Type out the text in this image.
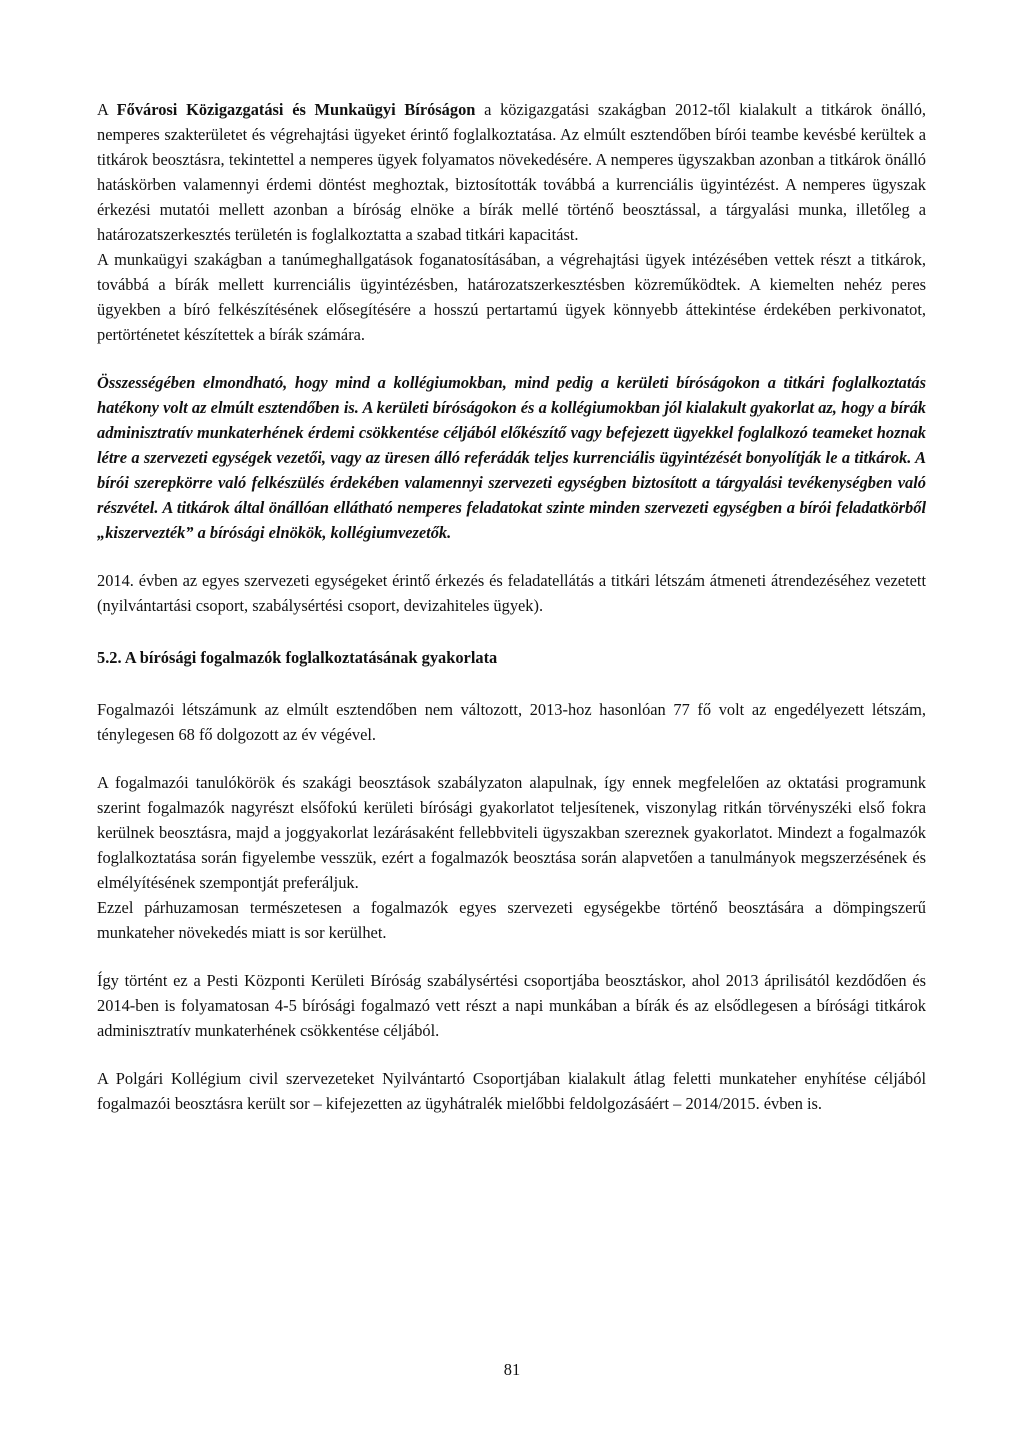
A Fővárosi Közigazgatási és Munkaügyi Bíróságon a közigazgatási szakágban 2012-től kialakult a titkárok önálló, nemperes szakterületet és végrehajtási ügyeket érintő foglalkoztatása. Az elmúlt esztendőben bírói teambe kevésbé kerültek a titkárok beosztásra, tekintettel a nemperes ügyek folyamatos növekedésére. A nemperes ügyszakban azonban a titkárok önálló hatáskörben valamennyi érdemi döntést meghoztak, biztosították továbbá a kurrenciális ügyintézést. A nemperes ügyszak érkezési mutatói mellett azonban a bíróság elnöke a bírák mellé történő beosztással, a tárgyalási munka, illetőleg a határozatszerkesztés területén is foglalkoztatta a szabad titkári kapacitást.

A munkaügyi szakágban a tanúmeghallgatások foganatosításában, a végrehajtási ügyek intézésében vettek részt a titkárok, továbbá a bírák mellett kurrenciális ügyintézésben, határozatszerkesztésben közreműködtek. A kiemelten nehéz peres ügyekben a bíró felkészítésének elősegítésére a hosszú pertartamú ügyek könnyebb áttekintése érdekében perkivonatot, pertörténetet készítettek a bírák számára.

Összességében elmondható, hogy mind a kollégiumokban, mind pedig a kerületi bíróságokon a titkári foglalkoztatás hatékony volt az elmúlt esztendőben is. A kerületi bíróságokon és a kollégiumokban jól kialakult gyakorlat az, hogy a bírák adminisztratív munkaterhének érdemi csökkentése céljából előkészítő vagy befejezett ügyekkel foglalkozó teameket hoznak létre a szervezeti egységek vezetői, vagy az üresen álló referádák teljes kurrenciális ügyintézését bonyolítják le a titkárok. A bírói szerepkörre való felkészülés érdekében valamennyi szervezeti egységben biztosított a tárgyalási tevékenységben való részvétel. A titkárok által önállóan ellátható nemperes feladatokat szinte minden szervezeti egységben a bírói feladatkörből „kiszervezték” a bírósági elnökök, kollégiumvezetők.

2014. évben az egyes szervezeti egységeket érintő érkezés és feladatellátás a titkári létszám átmeneti átrendezéséhez vezetett (nyilvántartási csoport, szabálysértési csoport, devizahiteles ügyek).

5.2. A bírósági fogalmazók foglalkoztatásának gyakorlata

Fogalmazói létszámunk az elmúlt esztendőben nem változott, 2013-hoz hasonlóan 77 fő volt az engedélyezett létszám, ténylegesen 68 fő dolgozott az év végével.

A fogalmazói tanulókörök és szakági beosztások szabályzaton alapulnak, így ennek megfelelően az oktatási programunk szerint fogalmazók nagyrészt elsőfokú kerületi bírósági gyakorlatot teljesítenek, viszonylag ritkán törvényszéki első fokra kerülnek beosztásra, majd a joggyakorlat lezárásaként fellebbviteli ügyszakban szereznek gyakorlatot. Mindezt a fogalmazók foglalkoztatása során figyelembe vesszük, ezért a fogalmazók beosztása során alapvetően a tanulmányok megszerzésének és elmélyítésének szempontját preferáljuk.

Ezzel párhuzamosan természetesen a fogalmazók egyes szervezeti egységekbe történő beosztására a dömpingszerű munkateher növekedés miatt is sor kerülhet.

Így történt ez a Pesti Központi Kerületi Bíróság szabálysértési csoportjába beosztáskor, ahol 2013 áprilisától kezdődően és 2014-ben is folyamatosan 4-5 bírósági fogalmazó vett részt a napi munkában a bírák és az elsődlegesen a bírósági titkárok adminisztratív munkaterhének csökkentése céljából.

A Polgári Kollégium civil szervezeteket Nyilvántartó Csoportjában kialakult átlag feletti munkateher enyhítése céljából fogalmazói beosztásra került sor – kifejezetten az ügyhátralék mielőbbi feldolgozásáért – 2014/2015. évben is.

81
